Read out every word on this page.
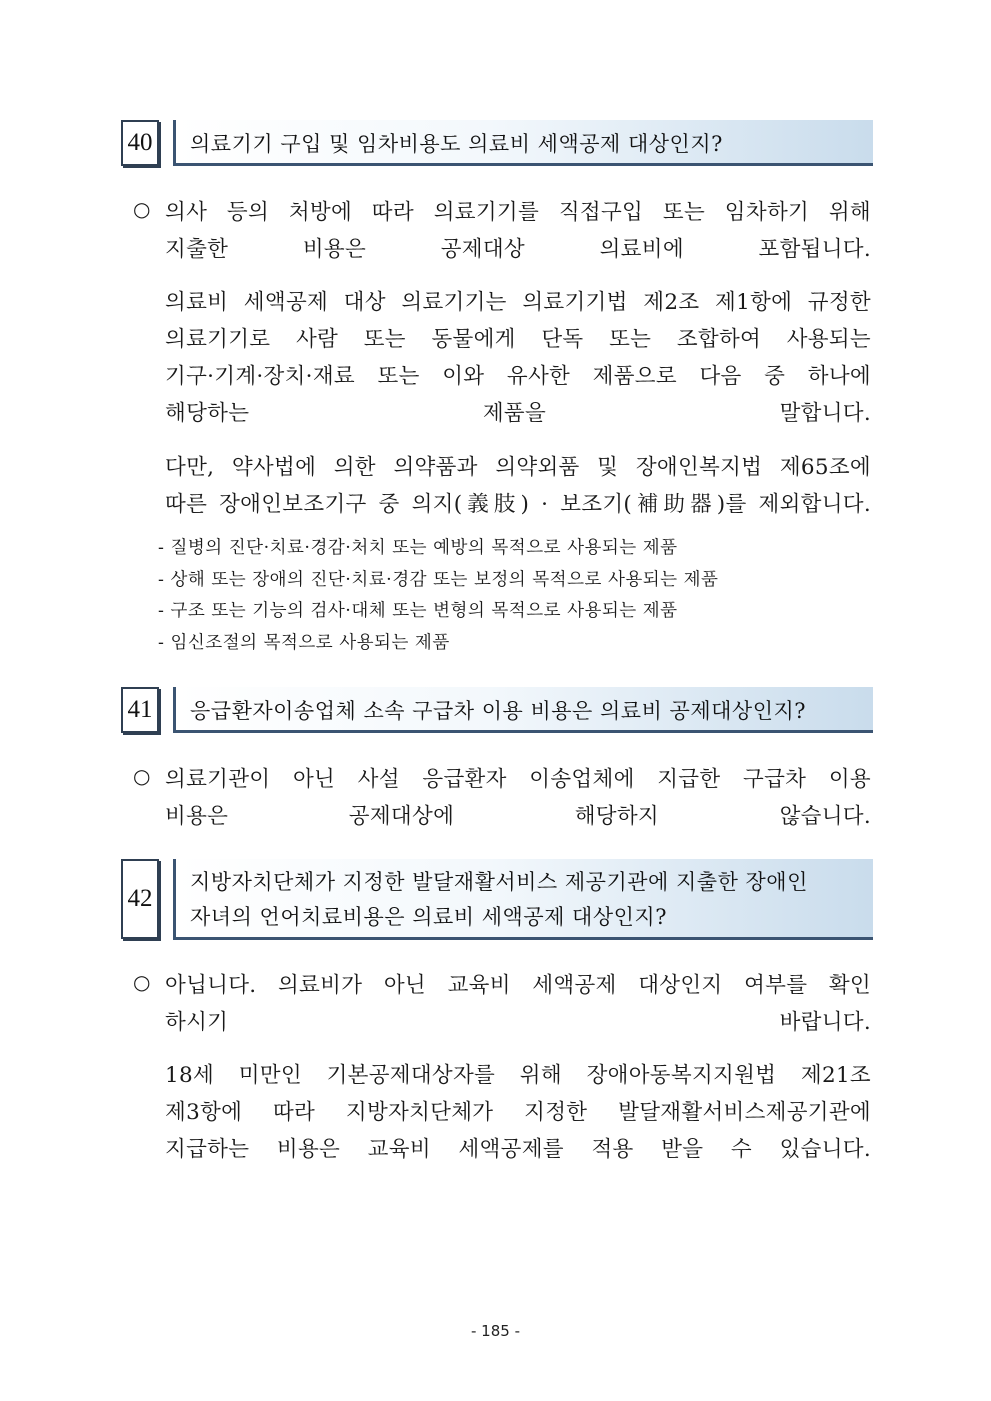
40	의료기기 구입 및 임차비용도 의료비 세액공제 대상인지?
○ 의사 등의 처방에 따라 의료기기를 직접구입 또는 임차하기 위해
지출한 비용은 공제대상 의료비에 포함됩니다.
의료비 세액공제 대상 의료기기는 의료기기법 제2조 제1항에 규정한
의료기기로 사람 또는 동물에게 단독 또는 조합하여 사용되는
기구·기계·장치·재료 또는 이와 유사한 제품으로 다음 중 하나에
해당하는 제품을 말합니다.
다만, 약사법에 의한 의약품과 의약외품 및 장애인복지법 제65조에
따른 장애인보조기구 중 의지(義肢) · 보조기(補助器)를 제외합니다.
- 질병의 진단·치료·경감·처치 또는 예방의 목적으로 사용되는 제품
- 상해 또는 장애의 진단·치료·경감 또는 보정의 목적으로 사용되는 제품
- 구조 또는 기능의 검사·대체 또는 변형의 목적으로 사용되는 제품
- 임신조절의 목적으로 사용되는 제품
41	응급환자이송업체 소속 구급차 이용 비용은 의료비 공제대상인지?
○ 의료기관이 아닌 사설 응급환자 이송업체에 지급한 구급차 이용
비용은 공제대상에 해당하지 않습니다.
42
지방자치단체가 지정한 발달재활서비스 제공기관에 지출한 장애인
자녀의 언어치료비용은 의료비 세액공제 대상인지?
○ 아닙니다. 의료비가 아닌 교육비 세액공제 대상인지 여부를 확인
하시기 바랍니다.
18세 미만인 기본공제대상자를 위해 장애아동복지지원법 제21조
제3항에 따라 지방자치단체가 지정한 발달재활서비스제공기관에
지급하는 비용은 교육비 세액공제를 적용 받을 수 있습니다.
- 185 -
